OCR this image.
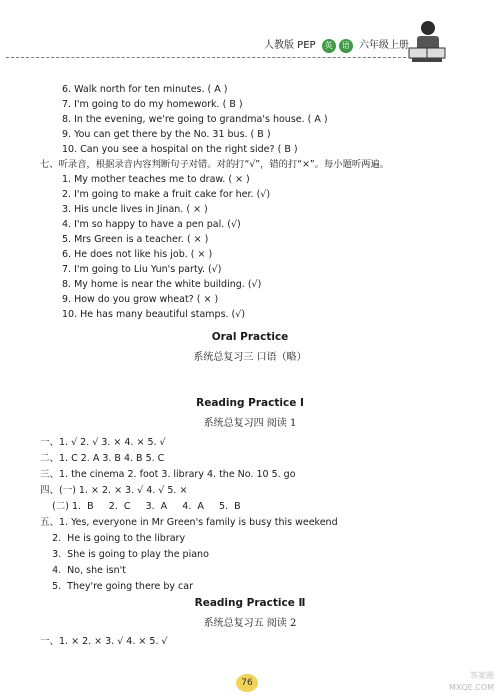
人教版 PEP 英 语 六年级上册
6. Walk north for ten minutes. ( A )
7. I'm going to do my homework. ( B )
8. In the evening, we're going to grandma's house. ( A )
9. You can get there by the No. 31 bus. ( B )
10. Can you see a hospital on the right side? ( B )
七、听录音，根据录音内容判断句子对错。对的打“√”，错的打“×”。每小题听两遍。
1. My mother teaches me to draw. ( × )
2. I'm going to make a fruit cake for her. (√)
3. His uncle lives in Jinan. ( × )
4. I'm so happy to have a pen pal. (√)
5. Mrs Green is a teacher. ( × )
6. He does not like his job. ( × )
7. I'm going to Liu Yun's party. (√)
8. My home is near the white building. (√)
9. How do you grow wheat? ( × )
10. He has many beautiful stamps. (√)
Oral Practice
系统总复习三 口语（略）
Reading Practice Ⅰ
系统总复习四 阅读 1
一、1. √ 2. √ 3. × 4. × 5. √
二、1. C 2. A 3. B 4. B 5. C
三、1. the cinema 2. foot 3. library 4. the No. 10 5. go
四、(一) 1. × 2. × 3. √ 4. √ 5. ×
(二) 1.  B     2.  C     3.  A     4.  A     5.  B
五、1. Yes, everyone in Mr Green's family is busy this weekend
2.  He is going to the library
3.  She is going to play the piano
4.  No, she isn't
5.  They're going there by car
Reading Practice Ⅱ
系统总复习五 阅读 2
一、1. × 2. × 3. √ 4. × 5. √
76
答案圈 MXQE.COM
